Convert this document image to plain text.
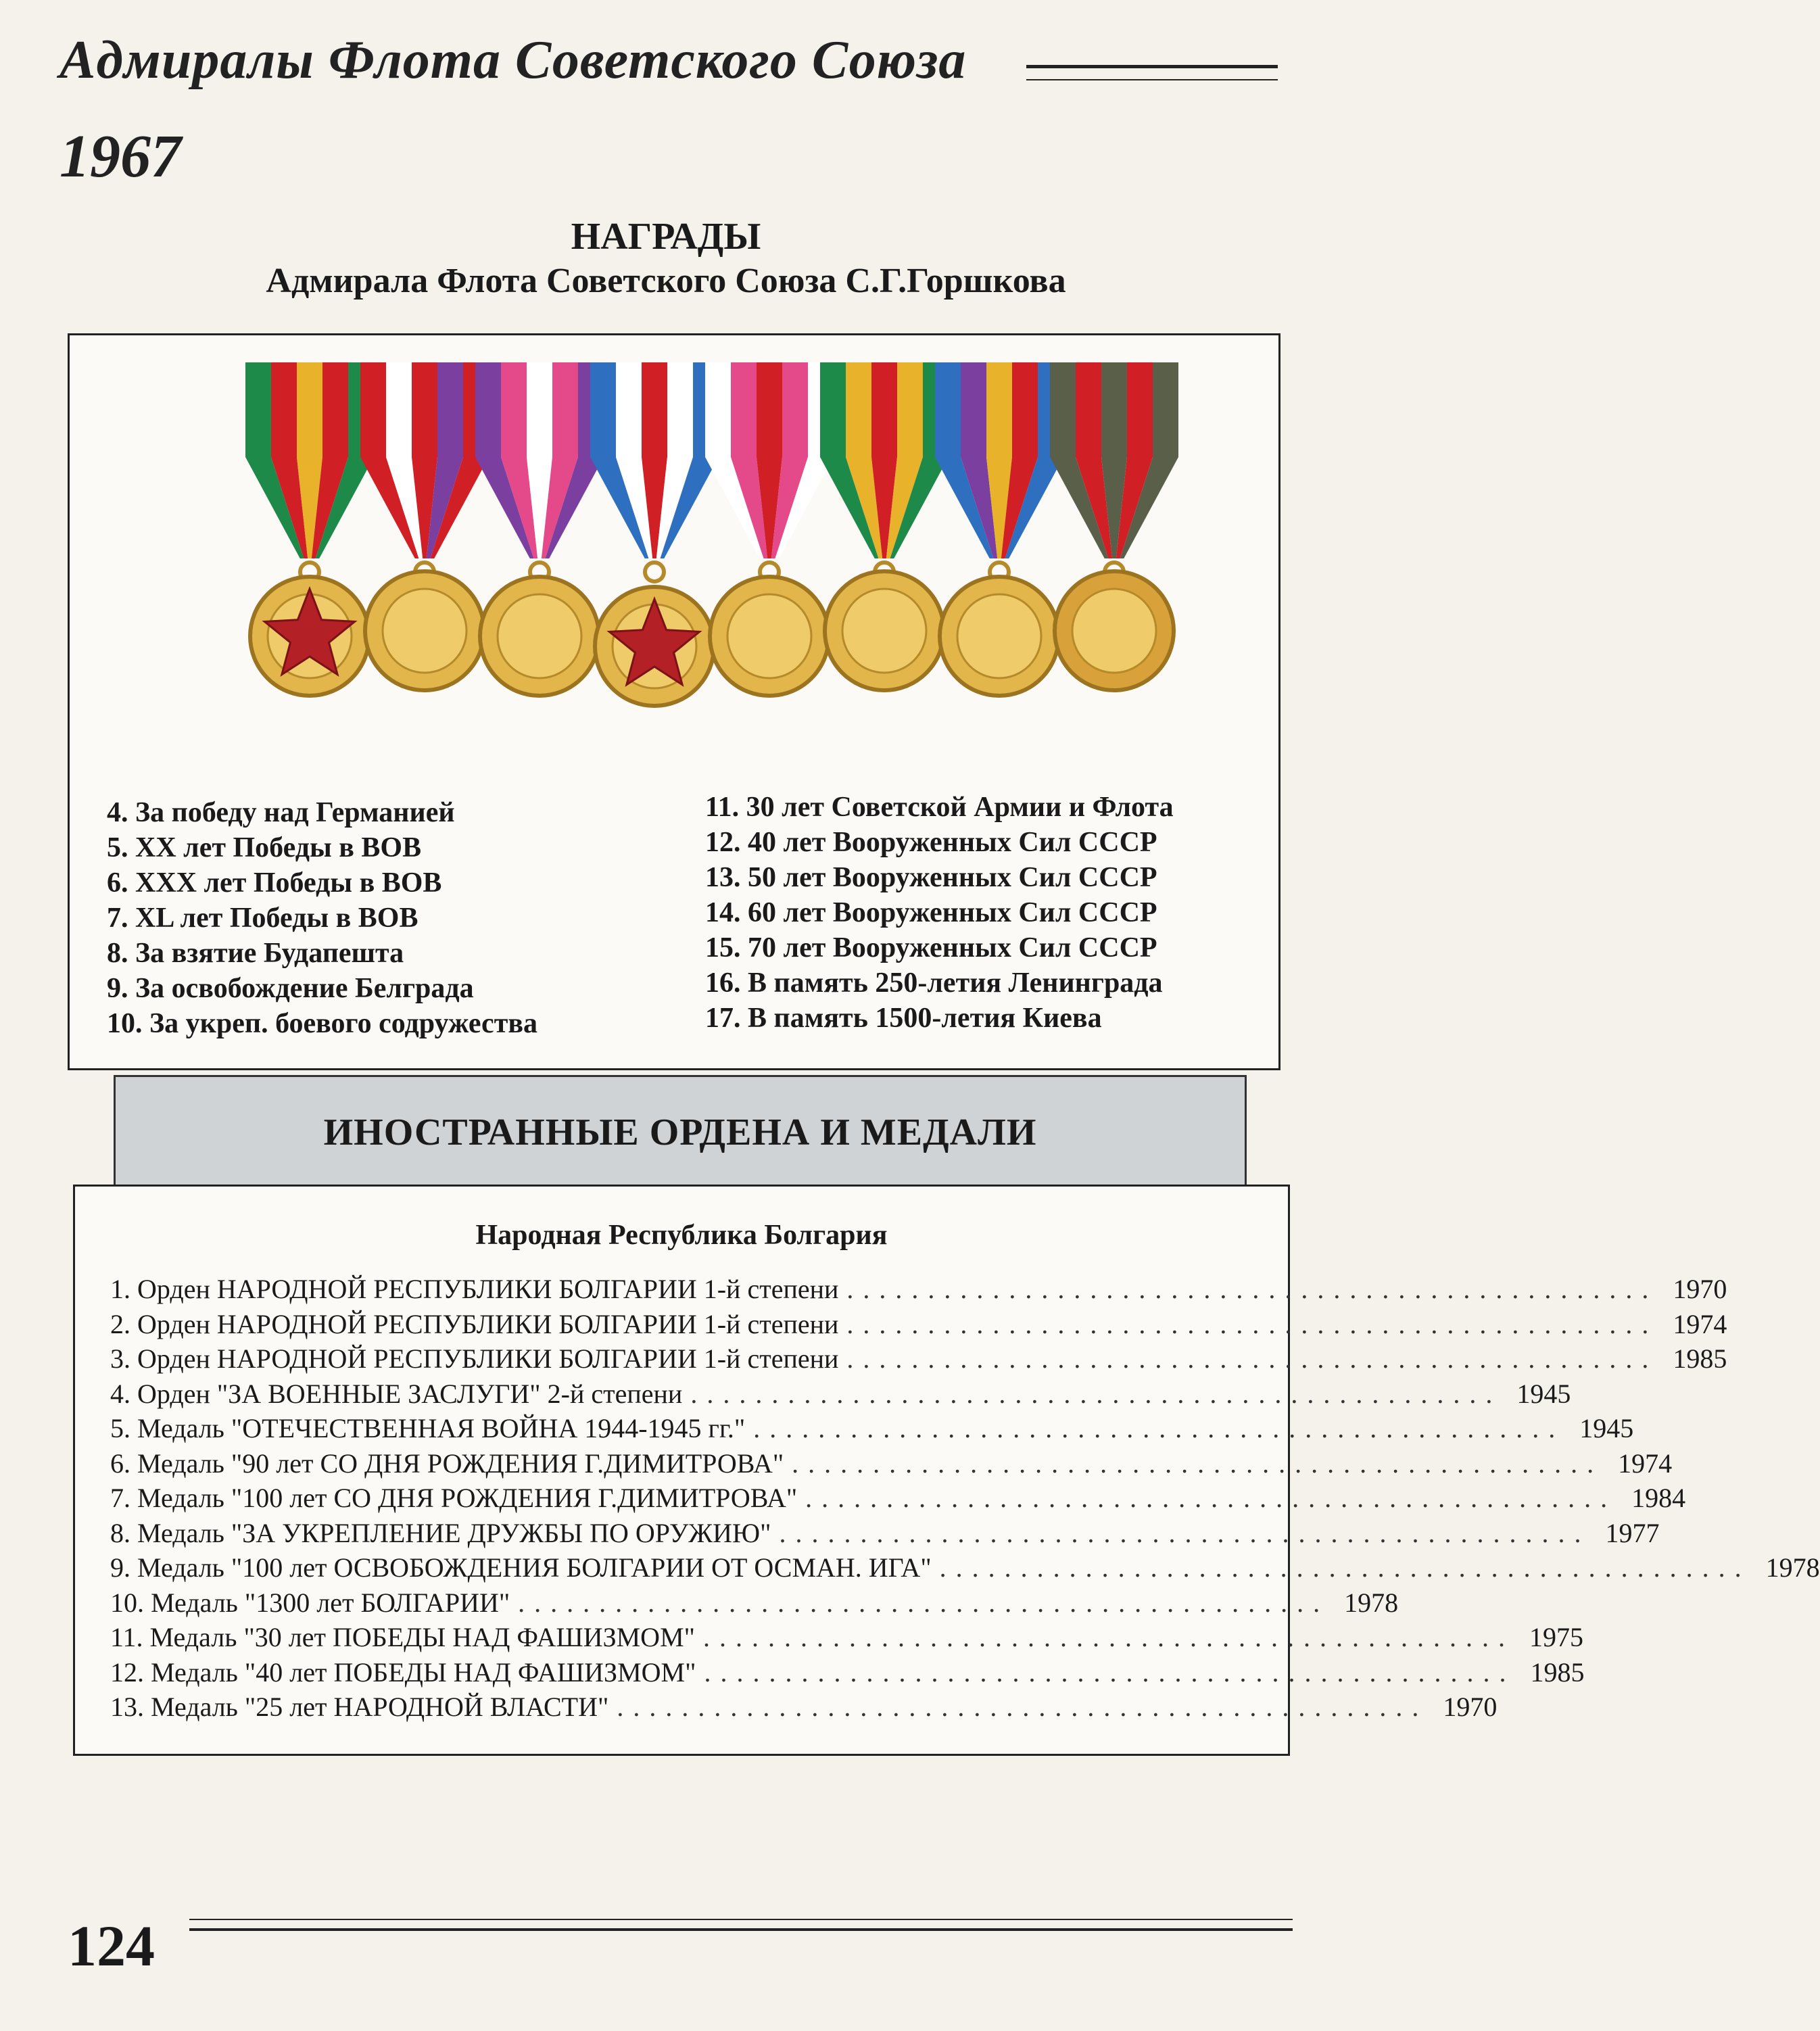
Адмиралы Флота Советского Союза
1967
НАГРАДЫ
Адмирала Флота Советского Союза С.Г.Горшкова
4. За победу над Германией
5. XX лет Победы в ВОВ
6. XXX лет Победы в ВОВ
7. XL лет Победы в ВОВ
8. За взятие Будапешта
9. За освобождение Белграда
10. За укреп. боевого содружества
11. 30 лет Советской Армии и Флота
12. 40 лет Вооруженных Сил СССР
13. 50 лет Вооруженных Сил СССР
14. 60 лет Вооруженных Сил СССР
15. 70 лет Вооруженных Сил СССР
16. В память 250-летия Ленинграда
17. В память 1500-летия Киева
ИНОСТРАННЫЕ ОРДЕНА И МЕДАЛИ
Народная Республика Болгария
1. Орден НАРОДНОЙ РЕСПУБЛИКИ БОЛГАРИИ 1-й степени .................................................. 1970
2. Орден НАРОДНОЙ РЕСПУБЛИКИ БОЛГАРИИ 1-й степени .................................................. 1974
3. Орден НАРОДНОЙ РЕСПУБЛИКИ БОЛГАРИИ 1-й степени .................................................. 1985
4. Орден "ЗА ВОЕННЫЕ ЗАСЛУГИ" 2-й степени .................................................. 1945
5. Медаль "ОТЕЧЕСТВЕННАЯ ВОЙНА 1944-1945 гг." .................................................. 1945
6. Медаль "90 лет СО ДНЯ РОЖДЕНИЯ Г.ДИМИТРОВА" .................................................. 1974
7. Медаль "100 лет СО ДНЯ РОЖДЕНИЯ Г.ДИМИТРОВА" .................................................. 1984
8. Медаль "ЗА УКРЕПЛЕНИЕ ДРУЖБЫ ПО ОРУЖИЮ" .................................................. 1977
9. Медаль "100 лет ОСВОБОЖДЕНИЯ БОЛГАРИИ ОТ ОСМАН. ИГА" .................................................. 1978
10. Медаль "1300 лет БОЛГАРИИ" .................................................. 1978
11. Медаль "30 лет ПОБЕДЫ НАД ФАШИЗМОМ" .................................................. 1975
12. Медаль "40 лет ПОБЕДЫ НАД ФАШИЗМОМ" .................................................. 1985
13. Медаль "25 лет НАРОДНОЙ ВЛАСТИ" .................................................. 1970
124
